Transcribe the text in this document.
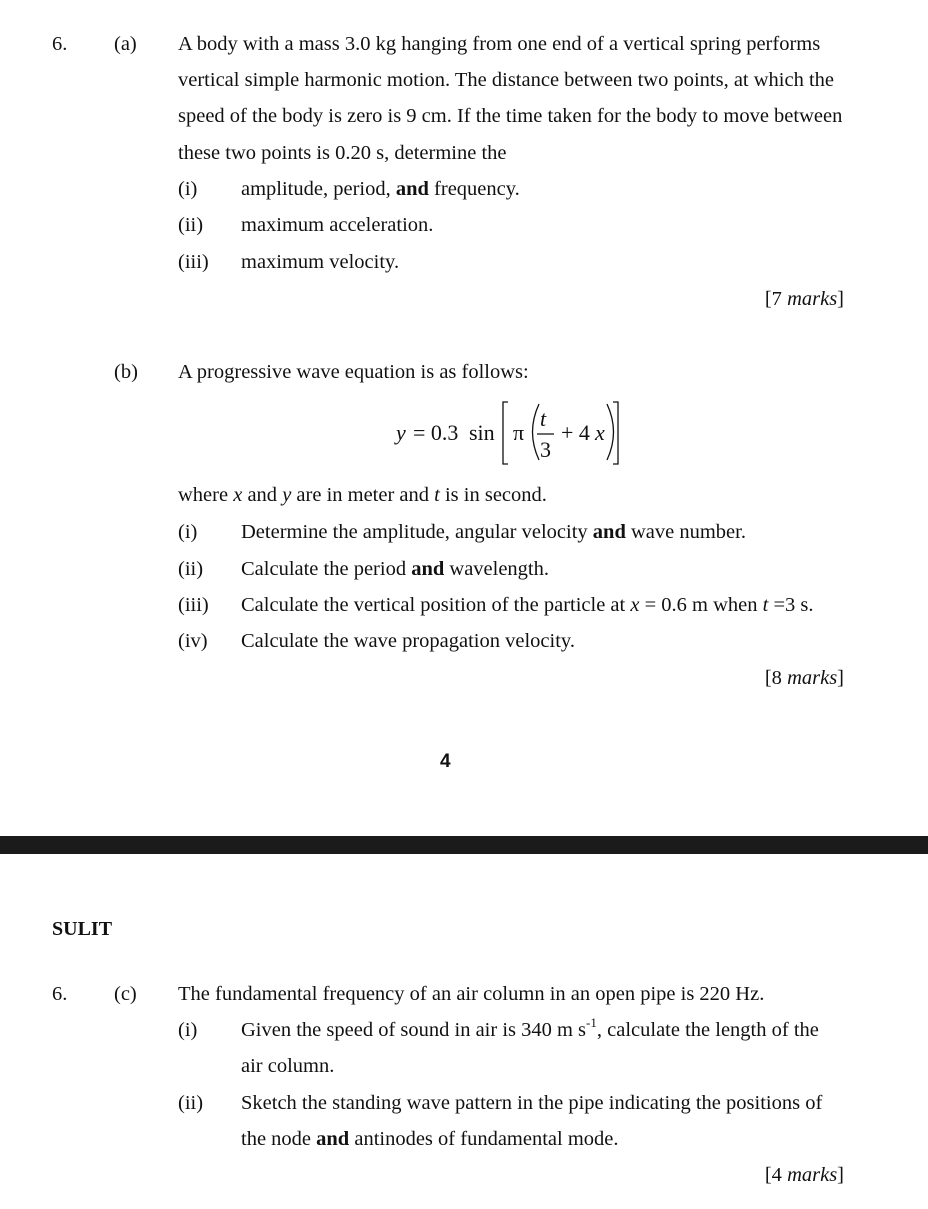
6. (a) A body with a mass 3.0 kg hanging from one end of a vertical spring performs
vertical simple harmonic motion. The distance between two points, at which the
speed of the body is zero is 9 cm. If the time taken for the body to move between
these two points is 0.20 s, determine the
(i) amplitude, period, and frequency.
(ii) maximum acceleration.
(iii) maximum velocity.
[7 marks]
(b) A progressive wave equation is as follows:
y = 0.3 sin π
t
3
+ 4 x
where x and y are in meter and t is in second.
(i) Determine the amplitude, angular velocity and wave number.
(ii) Calculate the period and wavelength.
(iii) Calculate the vertical position of the particle at x = 0.6 m when t =3 s.
(iv) Calculate the wave propagation velocity.
[8 marks]
4
SULIT
6. (c) The fundamental frequency of an air column in an open pipe is 220 Hz.
(i) Given the speed of sound in air is 340 m $s^{-1}$, calculate the length of the
air column.
(ii) Sketch the standing wave pattern in the pipe indicating the positions of
the node and antinodes of fundamental mode.
[4 marks]
